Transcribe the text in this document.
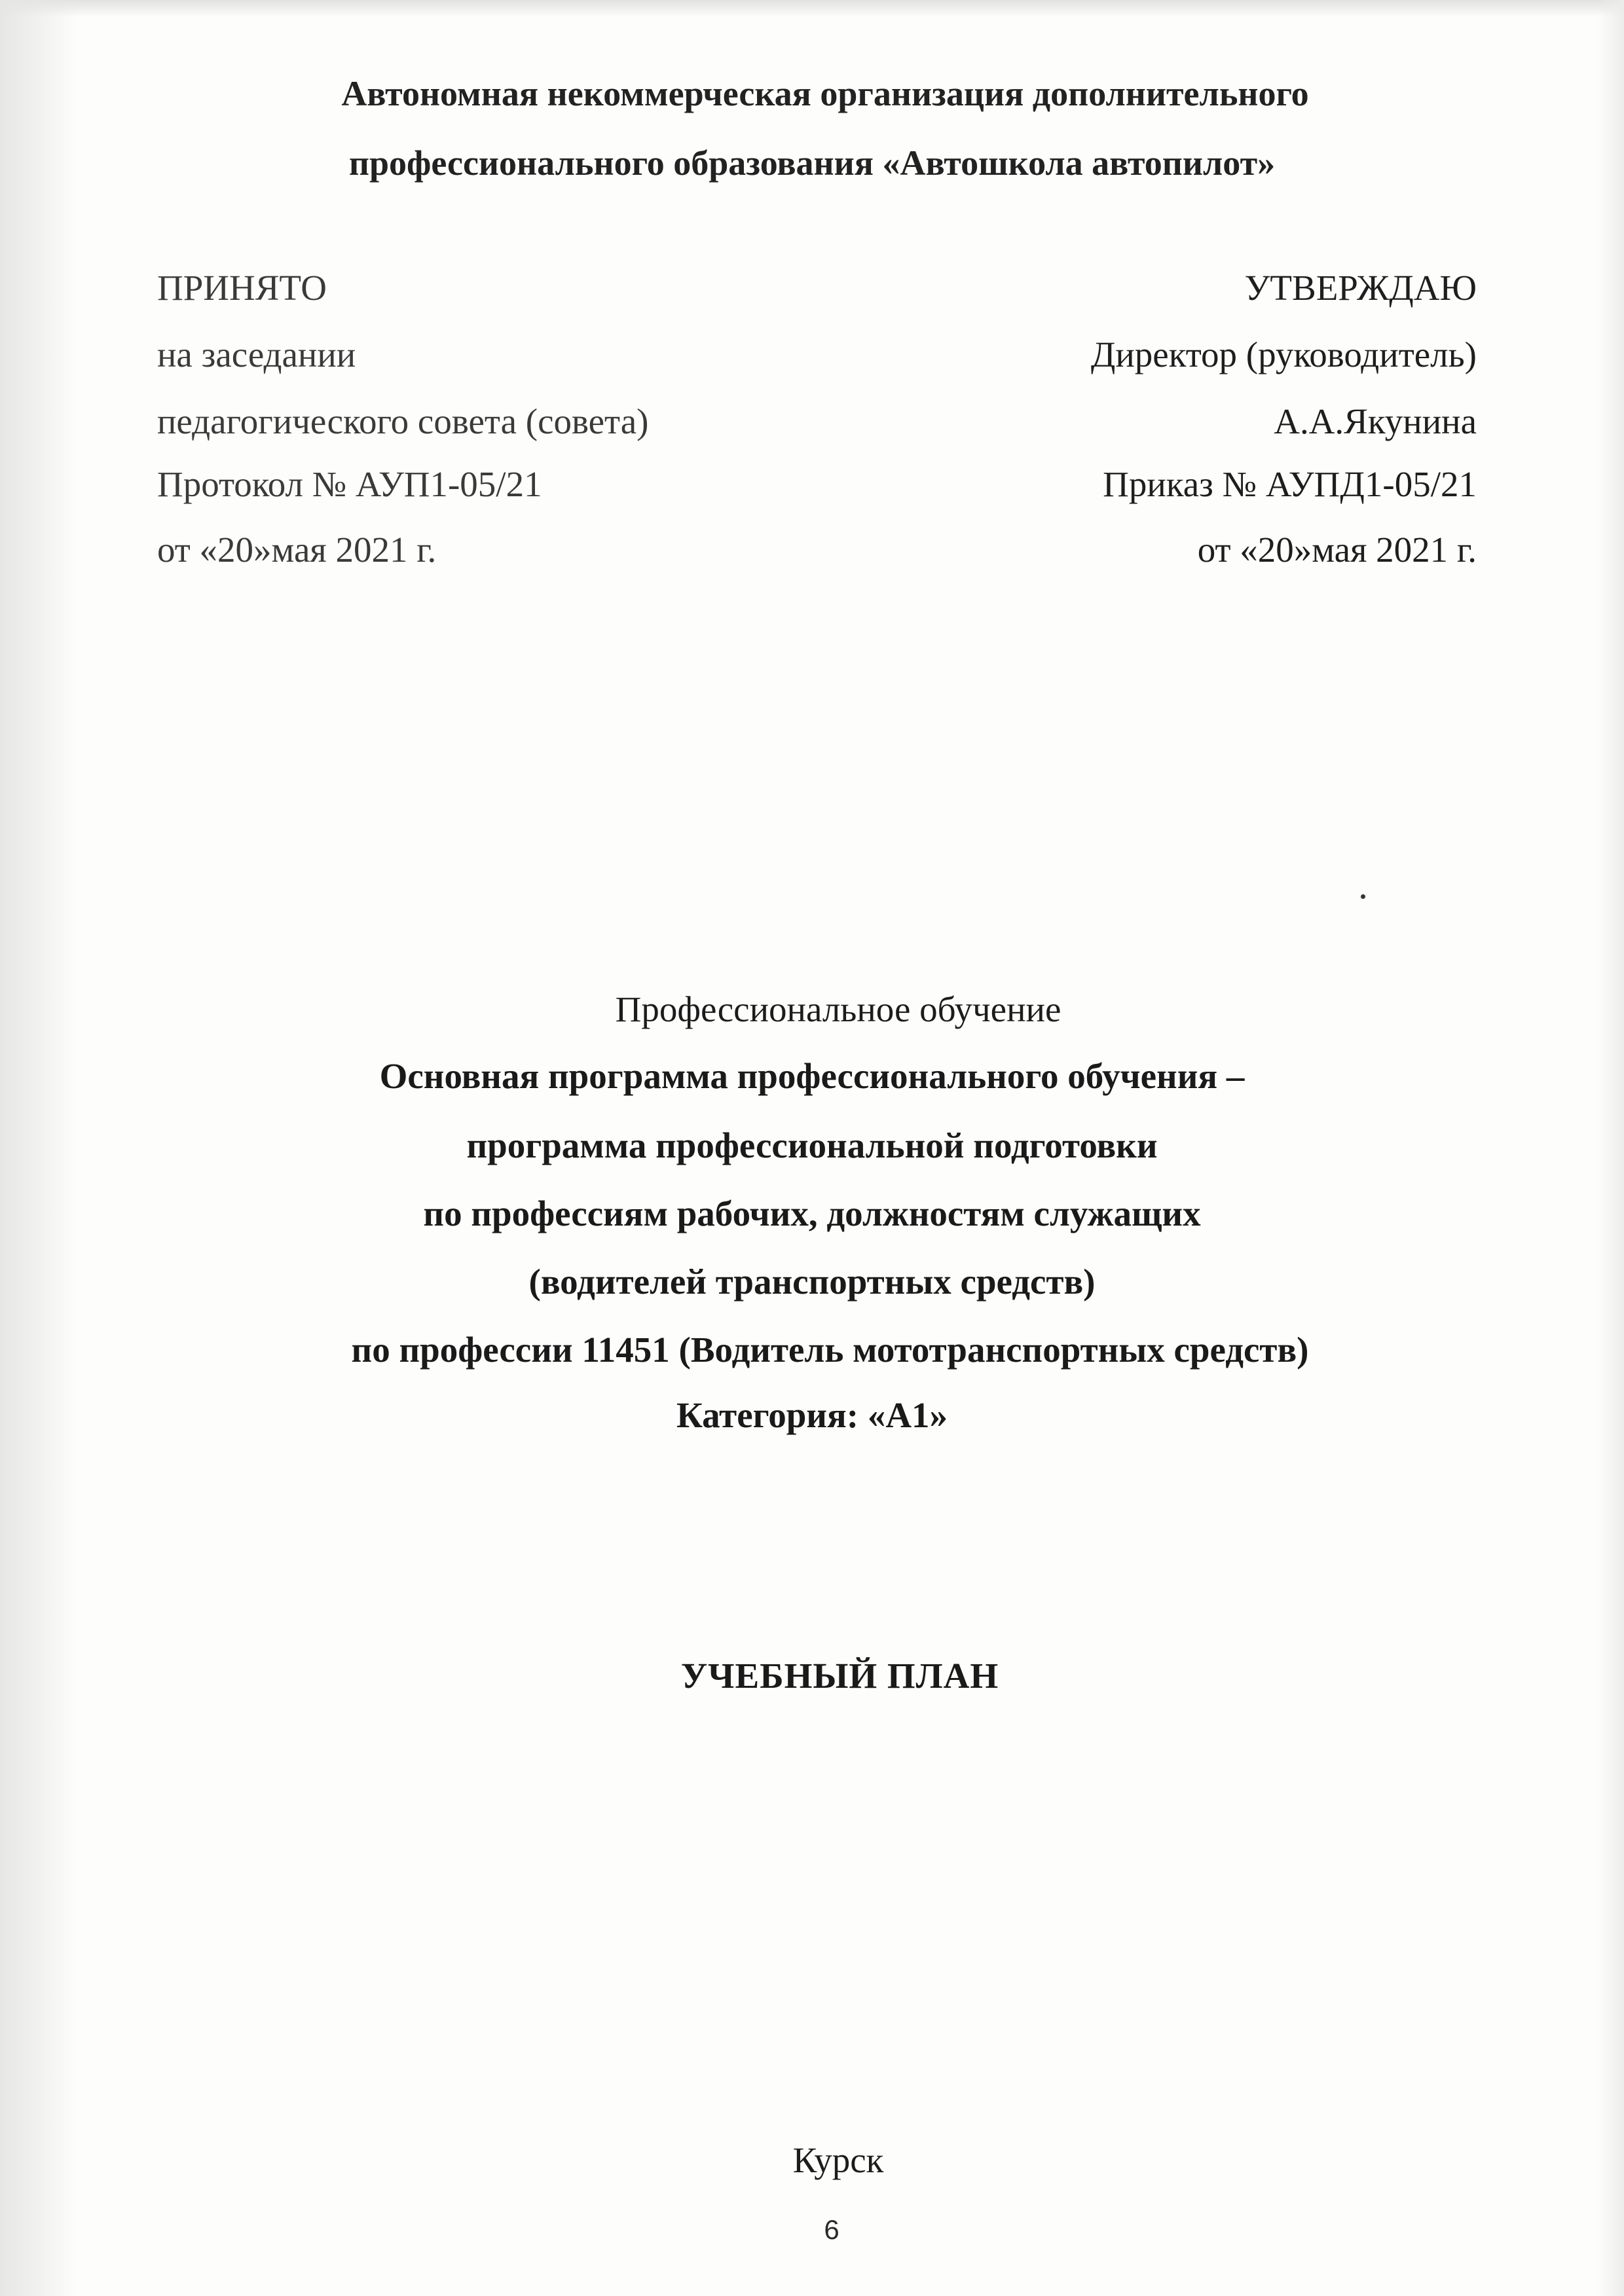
Автономная некоммерческая организация дополнительного
профессионального образования «Автошкола автопилот»
ПРИНЯТО
на заседании
педагогического совета (совета)
Протокол № АУП1-05/21
от «20»мая 2021 г.
УТВЕРЖДАЮ
Директор (руководитель)
А.А.Якунина
Приказ № АУПД1-05/21
от «20»мая 2021 г.
Профессиональное обучение
Основная программа профессионального обучения –
программа профессиональной подготовки
по профессиям рабочих, должностям служащих
(водителей транспортных средств)
по профессии 11451 (Водитель мототранспортных средств)
Категория: «А1»
УЧЕБНЫЙ ПЛАН
Курск
6
